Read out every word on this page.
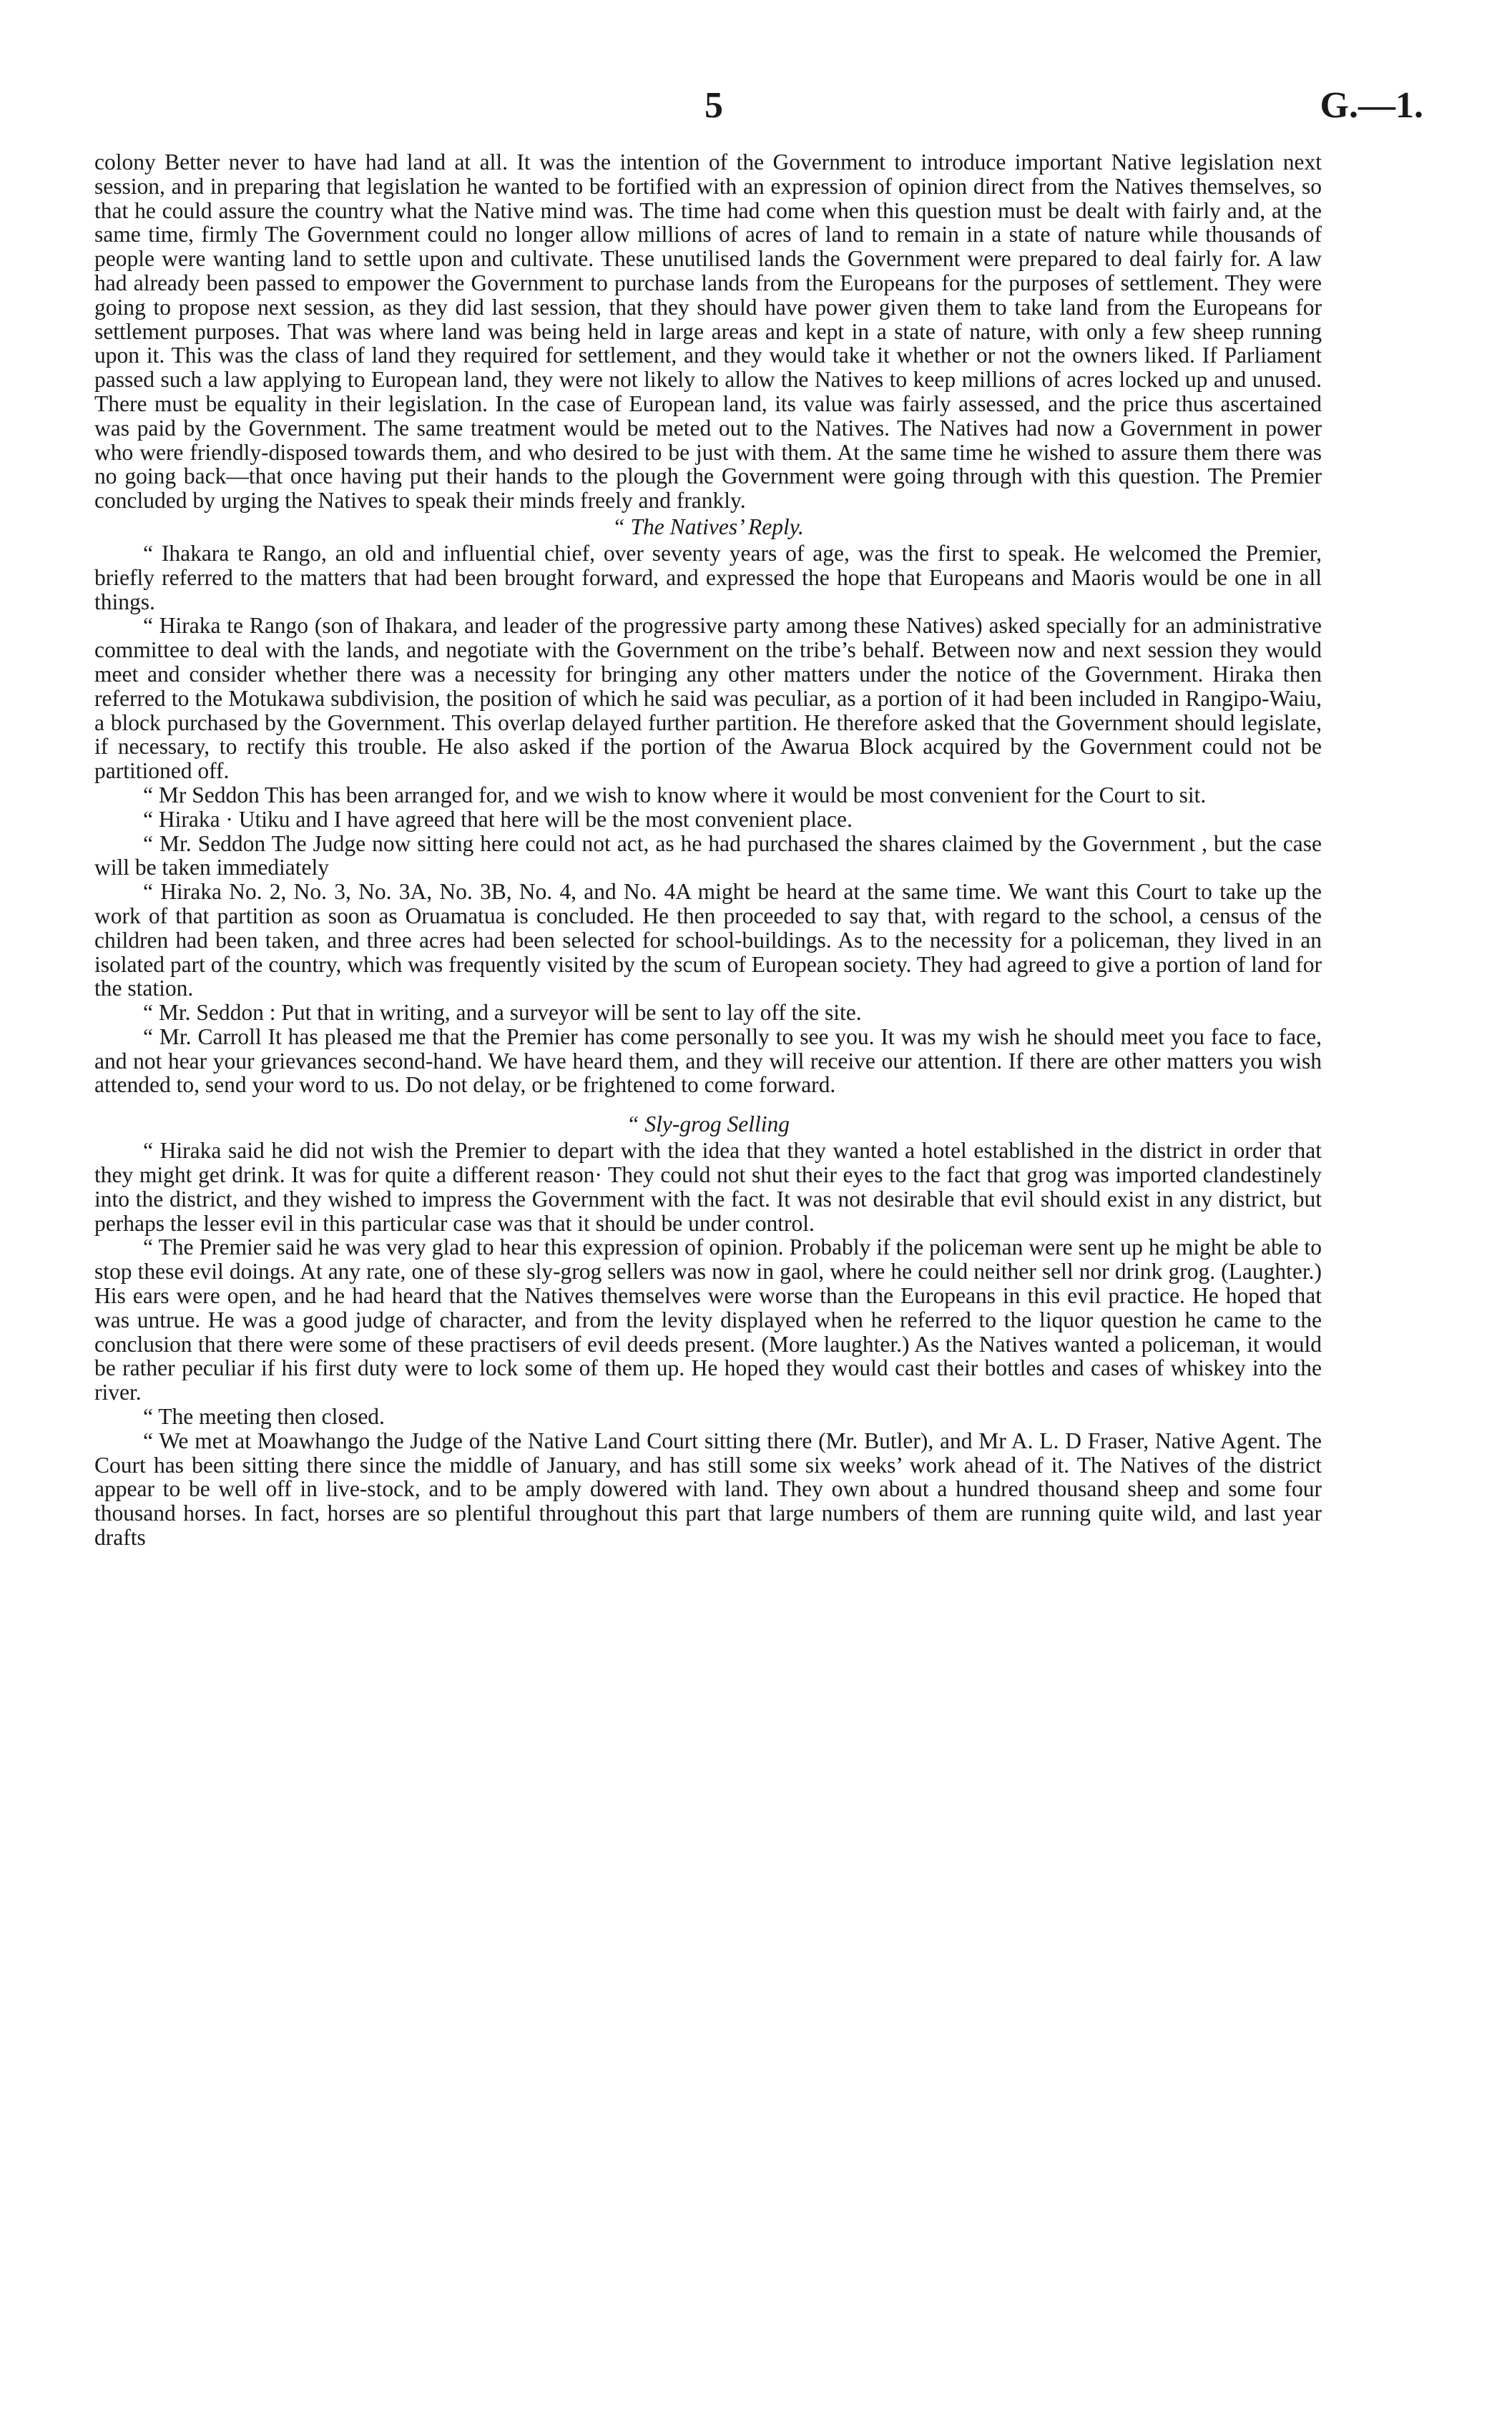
5	G.—1.

colony Better never to have had land at all. It was the intention of the Government to introduce important Native legislation next session, and in preparing that legislation he wanted to be fortified with an expression of opinion direct from the Natives themselves, so that he could assure the country what the Native mind was. The time had come when this question must be dealt with fairly and, at the same time, firmly The Government could no longer allow millions of acres of land to remain in a state of nature while thousands of people were wanting land to settle upon and cultivate. These unutilised lands the Government were prepared to deal fairly for. A law had already been passed to empower the Government to purchase lands from the Europeans for the purposes of settlement. They were going to propose next session, as they did last session, that they should have power given them to take land from the Europeans for settlement purposes. That was where land was being held in large areas and kept in a state of nature, with only a few sheep running upon it. This was the class of land they required for settlement, and they would take it whether or not the owners liked. If Parliament passed such a law applying to European land, they were not likely to allow the Natives to keep millions of acres locked up and unused. There must be equality in their legislation. In the case of European land, its value was fairly assessed, and the price thus ascertained was paid by the Government. The same treatment would be meted out to the Natives. The Natives had now a Government in power who were friendly-disposed towards them, and who desired to be just with them. At the same time he wished to assure them there was no going back—that once having put their hands to the plough the Government were going through with this question. The Premier concluded by urging the Natives to speak their minds freely and frankly.

“ The Natives’ Reply.

“ Ihakara te Rango, an old and influential chief, over seventy years of age, was the first to speak. He welcomed the Premier, briefly referred to the matters that had been brought forward, and expressed the hope that Europeans and Maoris would be one in all things.

“ Hiraka te Rango (son of Ihakara, and leader of the progressive party among these Natives) asked specially for an administrative committee to deal with the lands, and negotiate with the Government on the tribe’s behalf. Between now and next session they would meet and consider whether there was a necessity for bringing any other matters under the notice of the Government. Hiraka then referred to the Motukawa subdivision, the position of which he said was peculiar, as a portion of it had been included in Rangipo-Waiu, a block purchased by the Government. This overlap delayed further partition. He therefore asked that the Government should legislate, if necessary, to rectify this trouble. He also asked if the portion of the Awarua Block acquired by the Government could not be partitioned off.

“ Mr Seddon This has been arranged for, and we wish to know where it would be most convenient for the Court to sit.

“ Hiraka · Utiku and I have agreed that here will be the most convenient place.

“ Mr. Seddon The Judge now sitting here could not act, as he had purchased the shares claimed by the Government , but the case will be taken immediately

“ Hiraka No. 2, No. 3, No. 3A, No. 3B, No. 4, and No. 4A might be heard at the same time. We want this Court to take up the work of that partition as soon as Oruamatua is concluded. He then proceeded to say that, with regard to the school, a census of the children had been taken, and three acres had been selected for school-buildings. As to the necessity for a policeman, they lived in an isolated part of the country, which was frequently visited by the scum of European society. They had agreed to give a portion of land for the station.

“ Mr. Seddon : Put that in writing, and a surveyor will be sent to lay off the site.

“ Mr. Carroll It has pleased me that the Premier has come personally to see you. It was my wish he should meet you face to face, and not hear your grievances second-hand. We have heard them, and they will receive our attention. If there are other matters you wish attended to, send your word to us. Do not delay, or be frightened to come forward.

“ Sly-grog Selling

“ Hiraka said he did not wish the Premier to depart with the idea that they wanted a hotel established in the district in order that they might get drink. It was for quite a different reason· They could not shut their eyes to the fact that grog was imported clandestinely into the district, and they wished to impress the Government with the fact. It was not desirable that evil should exist in any district, but perhaps the lesser evil in this particular case was that it should be under control.

“ The Premier said he was very glad to hear this expression of opinion. Probably if the policeman were sent up he might be able to stop these evil doings. At any rate, one of these sly-grog sellers was now in gaol, where he could neither sell nor drink grog. (Laughter.) His ears were open, and he had heard that the Natives themselves were worse than the Europeans in this evil practice. He hoped that was untrue. He was a good judge of character, and from the levity displayed when he referred to the liquor question he came to the conclusion that there were some of these practisers of evil deeds present. (More laughter.) As the Natives wanted a policeman, it would be rather peculiar if his first duty were to lock some of them up. He hoped they would cast their bottles and cases of whiskey into the river.

“ The meeting then closed.

“ We met at Moawhango the Judge of the Native Land Court sitting there (Mr. Butler), and Mr A. L. D Fraser, Native Agent. The Court has been sitting there since the middle of January, and has still some six weeks’ work ahead of it. The Natives of the district appear to be well off in live-stock, and to be amply dowered with land. They own about a hundred thousand sheep and some four thousand horses. In fact, horses are so plentiful throughout this part that large numbers of them are running quite wild, and last year drafts
